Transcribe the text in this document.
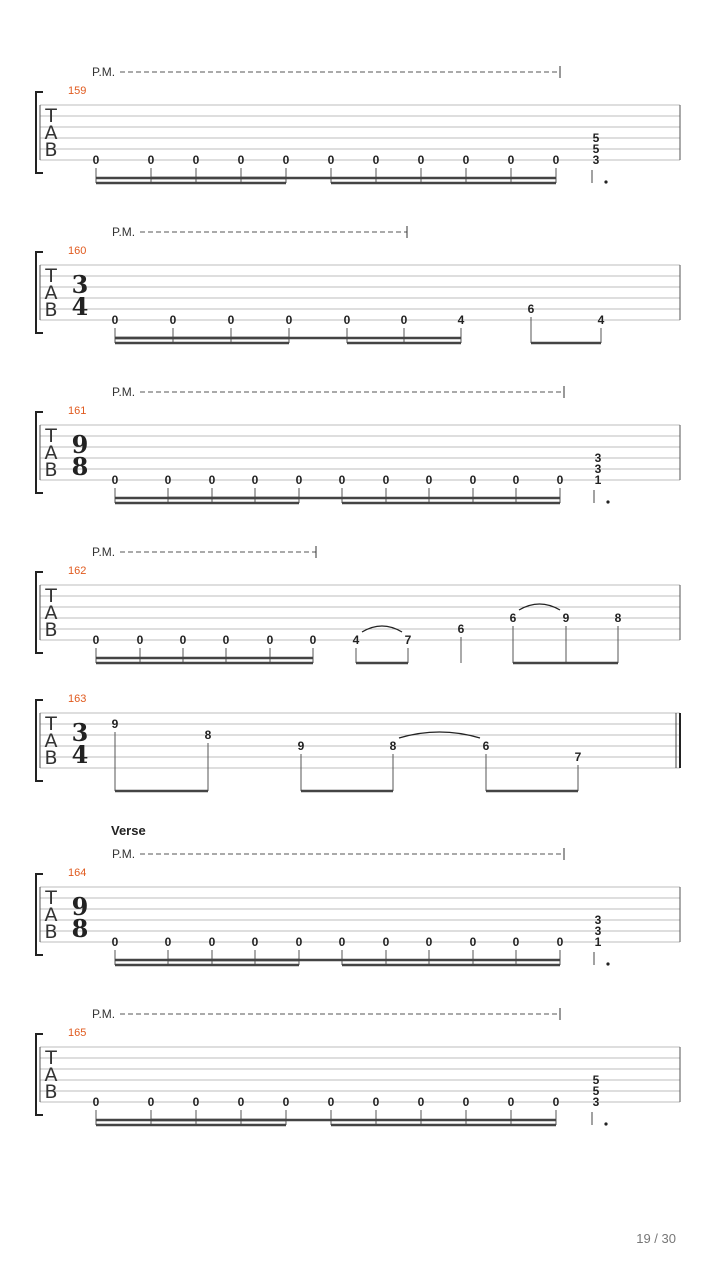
T
A
B
159
P.M.
0	0	0	0	0	0	0	0	0	0	0
5
5
3
T
A
B
160
P.M.
3
4 0	0	0	0	0	0	4
6
4
T
A
B
161
P.M.
9
8 0	0	0	0	0	0	0	0	0	0	0
3
3
1
T
A
B
162
P.M.
0	0	0	0	0	0	4	7
6
6	9	8
T
A
B
163
3
4
9
8
9	8	6
7
T
A
B
164
Verse
P.M.
9
8 0	0	0	0	0	0	0	0	0	0	0
3
3
1
T
A
B
165
P.M.
0	0	0	0	0	0	0	0	0	0	0
5
5
3
19 / 30
